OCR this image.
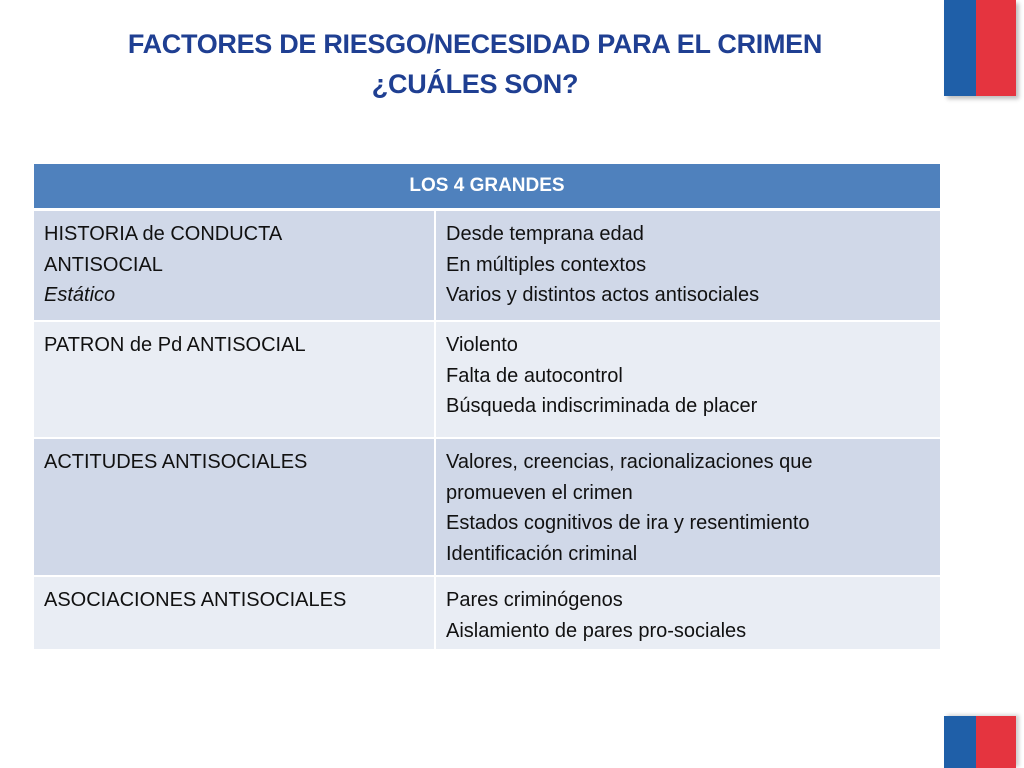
FACTORES DE RIESGO/NECESIDAD PARA EL CRIMEN
¿CUÁLES SON?
LOS 4 GRANDES	

HISTORIA de CONDUCTA
ANTISOCIAL
Estático	Desde temprana edad
En múltiples contextos
Varios y distintos actos antisociales

PATRON de Pd ANTISOCIAL	Violento
Falta de autocontrol
Búsqueda indiscriminada de placer

ACTITUDES ANTISOCIALES	Valores, creencias, racionalizaciones que
promueven el crimen
Estados cognitivos de ira y resentimiento
Identificación criminal

ASOCIACIONES ANTISOCIALES	Pares criminógenos
Aislamiento de pares pro-sociales
